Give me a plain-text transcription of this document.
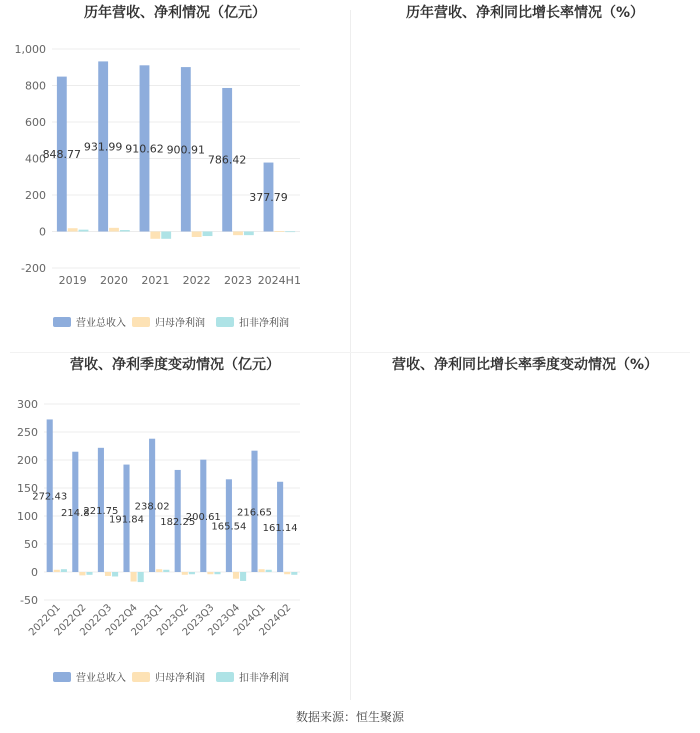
历年营收、净利情况（亿元）
-200
0
200
400
600
800
1,000
2019 2020 2021 2022 2023 2024H1
848.77
931.99 910.62 900.91
786.42
377.79
营业总收入	归母净利润	扣非净利润
历年营收、净利同比增长率情况（%）
营收、净利季度变动情况（亿元）
-50
0
50
100
150
200
250
300
2022Q1
2022Q2
2022Q3
2022Q4
2023Q1
2023Q2
2023Q3
2023Q4
2024Q1
2024Q2
272.43
214.8
221.75
191.84
238.02
182.25
200.61
165.54
216.65
161.14
营业总收入	归母净利润	扣非净利润
营收、净利同比增长率季度变动情况（%）
数据来源：恒生聚源
